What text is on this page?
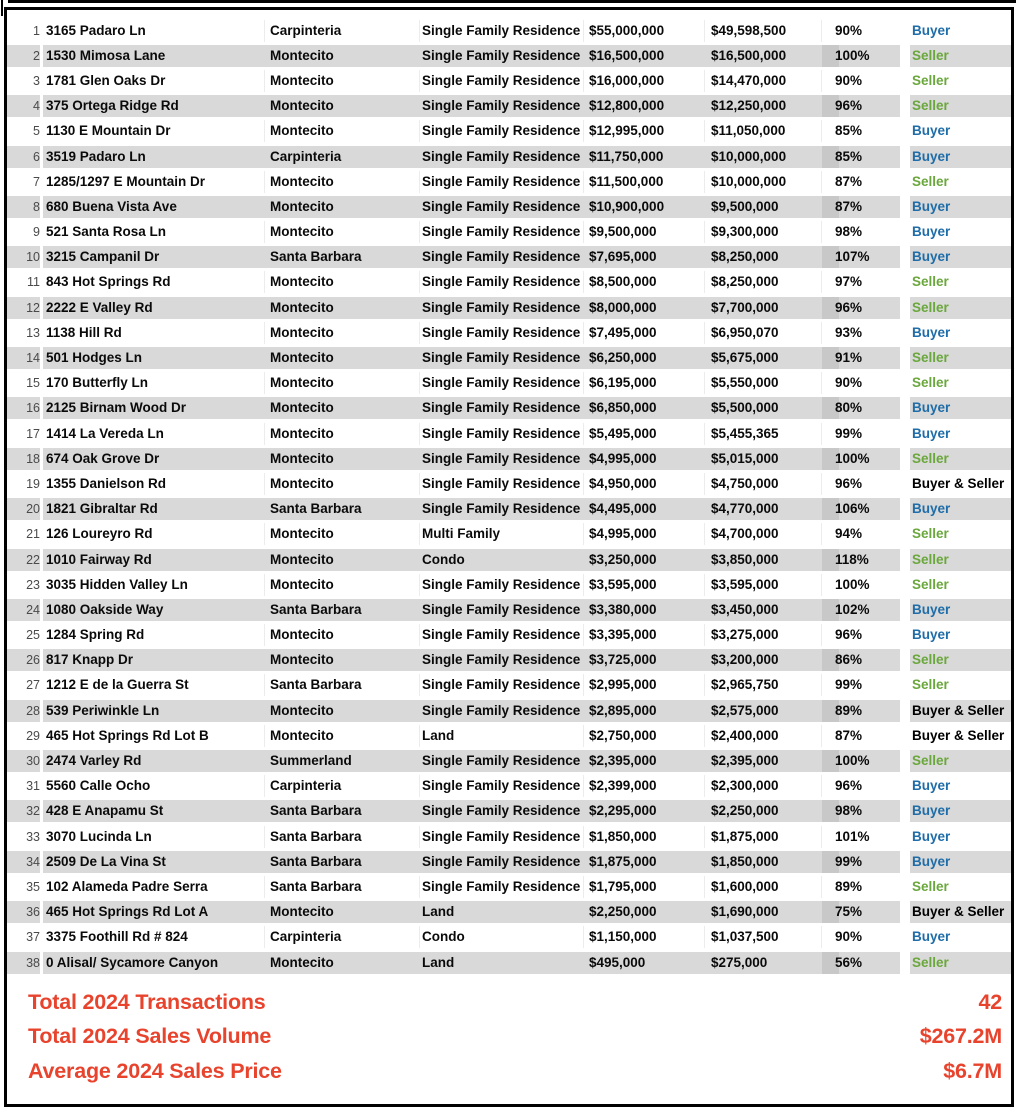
1 3165 Padaro Ln	Carpinteria	Single Family Residence $55,000,000	$49,598,500	90%	Buyer
2 1530 Mimosa Lane	Montecito	Single Family Residence $16,500,000	$16,500,000	100%	Seller
3 1781 Glen Oaks Dr	Montecito	Single Family Residence $16,000,000	$14,470,000	90%	Seller
4 375 Ortega Ridge Rd	Montecito	Single Family Residence $12,800,000	$12,250,000	96%	Seller
5 1130 E Mountain Dr	Montecito	Single Family Residence $12,995,000	$11,050,000	85%	Buyer
6 3519 Padaro Ln	Carpinteria	Single Family Residence $11,750,000	$10,000,000	85%	Buyer
7 1285/1297 E Mountain Dr	Montecito	Single Family Residence $11,500,000	$10,000,000	87%	Seller
8 680 Buena Vista Ave	Montecito	Single Family Residence $10,900,000	$9,500,000	87%	Buyer
9 521 Santa Rosa Ln	Montecito	Single Family Residence $9,500,000	$9,300,000	98%	Buyer
10 3215 Campanil Dr	Santa Barbara	Single Family Residence $7,695,000	$8,250,000	107%	Buyer
11 843 Hot Springs Rd	Montecito	Single Family Residence $8,500,000	$8,250,000	97%	Seller
12 2222 E Valley Rd	Montecito	Single Family Residence $8,000,000	$7,700,000	96%	Seller
13 1138 Hill Rd	Montecito	Single Family Residence $7,495,000	$6,950,070	93%	Buyer
14 501 Hodges Ln	Montecito	Single Family Residence $6,250,000	$5,675,000	91%	Seller
15 170 Butterfly Ln	Montecito	Single Family Residence $6,195,000	$5,550,000	90%	Seller
16 2125 Birnam Wood Dr	Montecito	Single Family Residence $6,850,000	$5,500,000	80%	Buyer
17 1414 La Vereda Ln	Montecito	Single Family Residence $5,495,000	$5,455,365	99%	Buyer
18 674 Oak Grove Dr	Montecito	Single Family Residence $4,995,000	$5,015,000	100%	Seller
19 1355 Danielson Rd	Montecito	Single Family Residence $4,950,000	$4,750,000	96%	Buyer & Seller
20 1821 Gibraltar Rd	Santa Barbara	Single Family Residence $4,495,000	$4,770,000	106%	Buyer
21 126 Loureyro Rd	Montecito	Multi Family	$4,995,000	$4,700,000	94%	Seller
22 1010 Fairway Rd	Montecito	Condo	$3,250,000	$3,850,000	118%	Seller
23 3035 Hidden Valley Ln	Montecito	Single Family Residence $3,595,000	$3,595,000	100%	Seller
24 1080 Oakside Way	Santa Barbara	Single Family Residence $3,380,000	$3,450,000	102%	Buyer
25 1284 Spring Rd	Montecito	Single Family Residence $3,395,000	$3,275,000	96%	Buyer
26 817 Knapp Dr	Montecito	Single Family Residence $3,725,000	$3,200,000	86%	Seller
27 1212 E de la Guerra St	Santa Barbara	Single Family Residence $2,995,000	$2,965,750	99%	Seller
28 539 Periwinkle Ln	Montecito	Single Family Residence $2,895,000	$2,575,000	89%	Buyer & Seller
29 465 Hot Springs Rd Lot B	Montecito	Land	$2,750,000	$2,400,000	87%	Buyer & Seller
30 2474 Varley Rd	Summerland	Single Family Residence $2,395,000	$2,395,000	100%	Seller
31 5560 Calle Ocho	Carpinteria	Single Family Residence $2,399,000	$2,300,000	96%	Buyer
32 428 E Anapamu St	Santa Barbara	Single Family Residence $2,295,000	$2,250,000	98%	Buyer
33 3070 Lucinda Ln	Santa Barbara	Single Family Residence $1,850,000	$1,875,000	101%	Buyer
34 2509 De La Vina St	Santa Barbara	Single Family Residence $1,875,000	$1,850,000	99%	Buyer
35 102 Alameda Padre Serra	Santa Barbara	Single Family Residence $1,795,000	$1,600,000	89%	Seller
36 465 Hot Springs Rd Lot A	Montecito	Land	$2,250,000	$1,690,000	75%	Buyer & Seller
37 3375 Foothill Rd # 824	Carpinteria	Condo	$1,150,000	$1,037,500	90%	Buyer
38 0 Alisal/ Sycamore Canyon	Montecito	Land	$495,000	$275,000	56%	Seller
Total 2024 Transactions	42
Total 2024 Sales Volume	$267.2M
Average 2024 Sales Price	$6.7M
